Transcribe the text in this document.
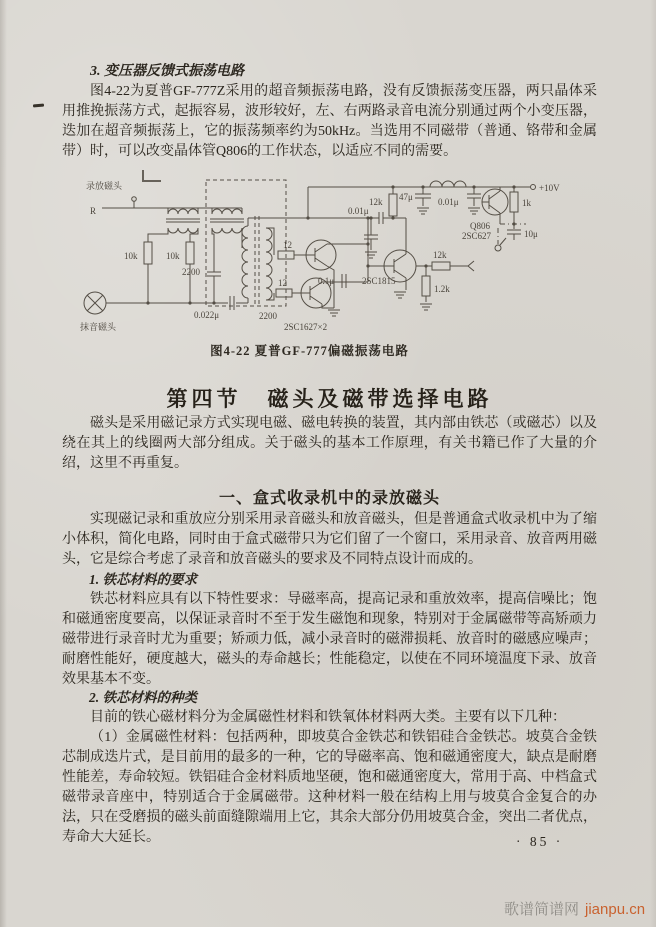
3. 变压器反馈式振荡电路

图4-22为夏普GF-777Z采用的超音频振荡电路，没有反馈振荡变压器，两只晶体采用推挽振荡方式，起振容易，波形较好，左、右两路录音电流分别通过两个小变压器，迭加在超音频振荡上，它的振荡频率约为50kHz。当选用不同磁带（普通、铬带和金属带）时，可以改变晶体管Q806的工作状态，以适应不同的需要。

录放磁头
R
10k	10k
2200
抹音磁头
0.022μ
12
12	0.1μ
2200
2SC1627×2
0.01μ
12k 47μ	0.01μ
Q806
2SC627
1k
10μ
+10V
2SC1815
12k
1.2k
图4-22 夏普GF-777偏磁振荡电路
第四节 磁头及磁带选择电路

磁头是采用磁记录方式实现电磁、磁电转换的装置，其内部由铁芯（或磁芯）以及绕在其上的线圈两大部分组成。关于磁头的基本工作原理，有关书籍已作了大量的介绍，这里不再重复。

一、盒式收录机中的录放磁头

实现磁记录和重放应分别采用录音磁头和放音磁头，但是普通盒式收录机中为了缩小体积，简化电路，同时由于盒式磁带只为它们留了一个窗口，采用录音、放音两用磁头，它是综合考虑了录音和放音磁头的要求及不同特点设计而成的。

1. 铁芯材料的要求

铁芯材料应具有以下特性要求：导磁率高，提高记录和重放效率，提高信噪比；饱和磁通密度要高，以保证录音时不至于发生磁饱和现象，特别对于金属磁带等高矫顽力磁带进行录音时尤为重要；矫顽力低，减小录音时的磁滞损耗、放音时的磁感应噪声；耐磨性能好，硬度越大，磁头的寿命越长；性能稳定，以使在不同环境温度下录、放音效果基本不变。

2. 铁芯材料的种类

目前的铁心磁材料分为金属磁性材料和铁氧体材料两大类。主要有以下几种：

（1）金属磁性材料：包括两种，即坡莫合金铁芯和铁铝硅合金铁芯。坡莫合金铁芯制成迭片式，是目前用的最多的一种，它的导磁率高、饱和磁通密度大，缺点是耐磨性能差，寿命较短。铁铝硅合金材料质地坚硬，饱和磁通密度大，常用于高、中档盒式磁带录音座中，特别适合于金属磁带。这种材料一般在结构上用与坡莫合金复合的办法，只在受磨损的磁头前面缝隙端用上它，其余大部分仍用坡莫合金，突出二者优点，寿命大大延长。	· 85 ·
歌谱简谱网 jianpu.cn
